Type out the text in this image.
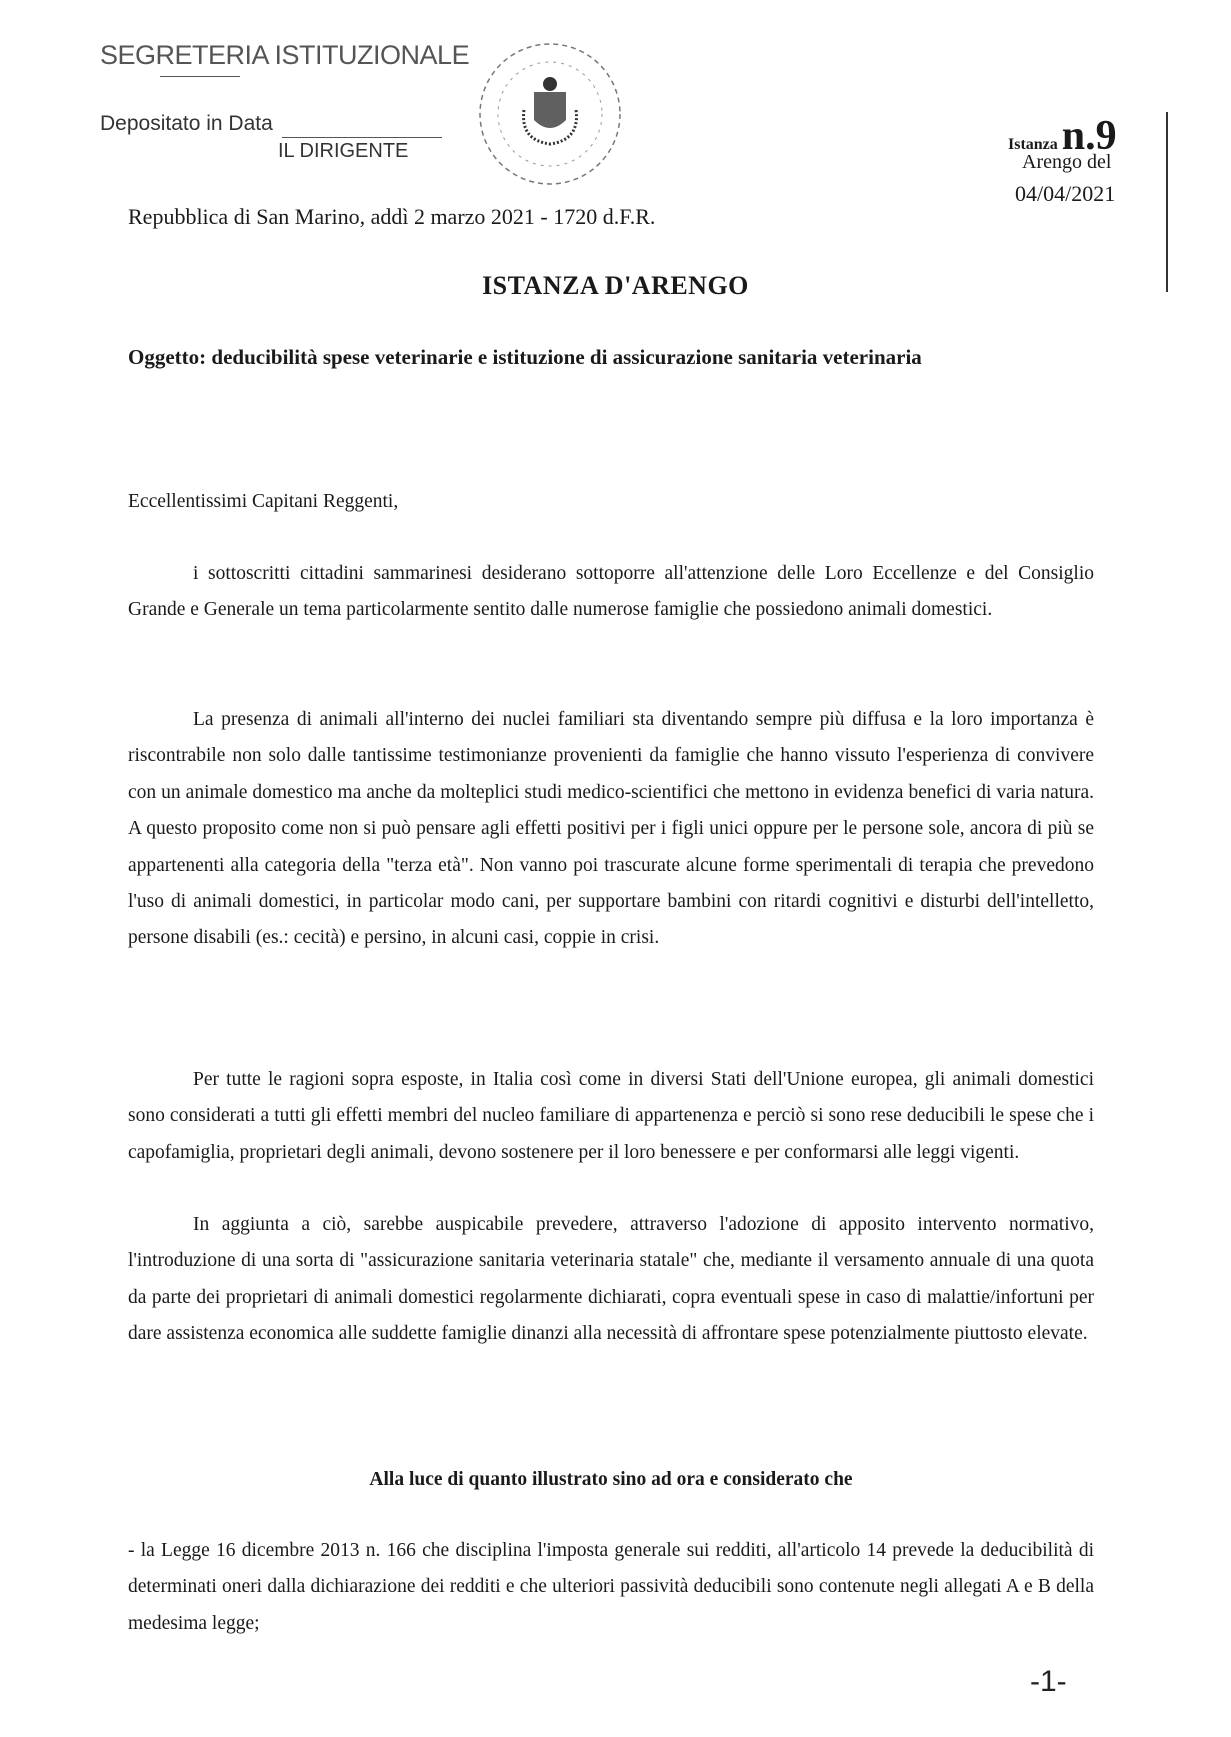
SEGRETERIA ISTITUZIONALE
Depositato in Data
IL DIRIGENTE	Istanza n.9
Arengo del
04/04/2021
Repubblica di San Marino, addì 2 marzo 2021 - 1720 d.F.R.
ISTANZA D'ARENGO

Oggetto: deducibilità spese veterinarie e istituzione di assicurazione sanitaria veterinaria

Eccellentissimi Capitani Reggenti,

i sottoscritti cittadini sammarinesi desiderano sottoporre all'attenzione delle Loro Eccellenze e del Consiglio Grande e Generale un tema particolarmente sentito dalle numerose famiglie che possiedono animali domestici.

La presenza di animali all'interno dei nuclei familiari sta diventando sempre più diffusa e la loro importanza è riscontrabile non solo dalle tantissime testimonianze provenienti da famiglie che hanno vissuto l'esperienza di convivere con un animale domestico ma anche da molteplici studi medico-scientifici che mettono in evidenza benefici di varia natura. A questo proposito come non si può pensare agli effetti positivi per i figli unici oppure per le persone sole, ancora di più se appartenenti alla categoria della "terza età". Non vanno poi trascurate alcune forme sperimentali di terapia che prevedono l'uso di animali domestici, in particolar modo cani, per supportare bambini con ritardi cognitivi e disturbi dell'intelletto, persone disabili (es.: cecità) e persino, in alcuni casi, coppie in crisi.

Per tutte le ragioni sopra esposte, in Italia così come in diversi Stati dell'Unione europea, gli animali domestici sono considerati a tutti gli effetti membri del nucleo familiare di appartenenza e perciò si sono rese deducibili le spese che i capofamiglia, proprietari degli animali, devono sostenere per il loro benessere e per conformarsi alle leggi vigenti.

In aggiunta a ciò, sarebbe auspicabile prevedere, attraverso l'adozione di apposito intervento normativo, l'introduzione di una sorta di "assicurazione sanitaria veterinaria statale" che, mediante il versamento annuale di una quota da parte dei proprietari di animali domestici regolarmente dichiarati, copra eventuali spese in caso di malattie/infortuni per dare assistenza economica alle suddette famiglie dinanzi alla necessità di affrontare spese potenzialmente piuttosto elevate.

Alla luce di quanto illustrato sino ad ora e considerato che

- la Legge 16 dicembre 2013 n. 166 che disciplina l'imposta generale sui redditi, all'articolo 14 prevede la deducibilità di determinati oneri dalla dichiarazione dei redditi e che ulteriori passività deducibili sono contenute negli allegati A e B della medesima legge;

-1-
